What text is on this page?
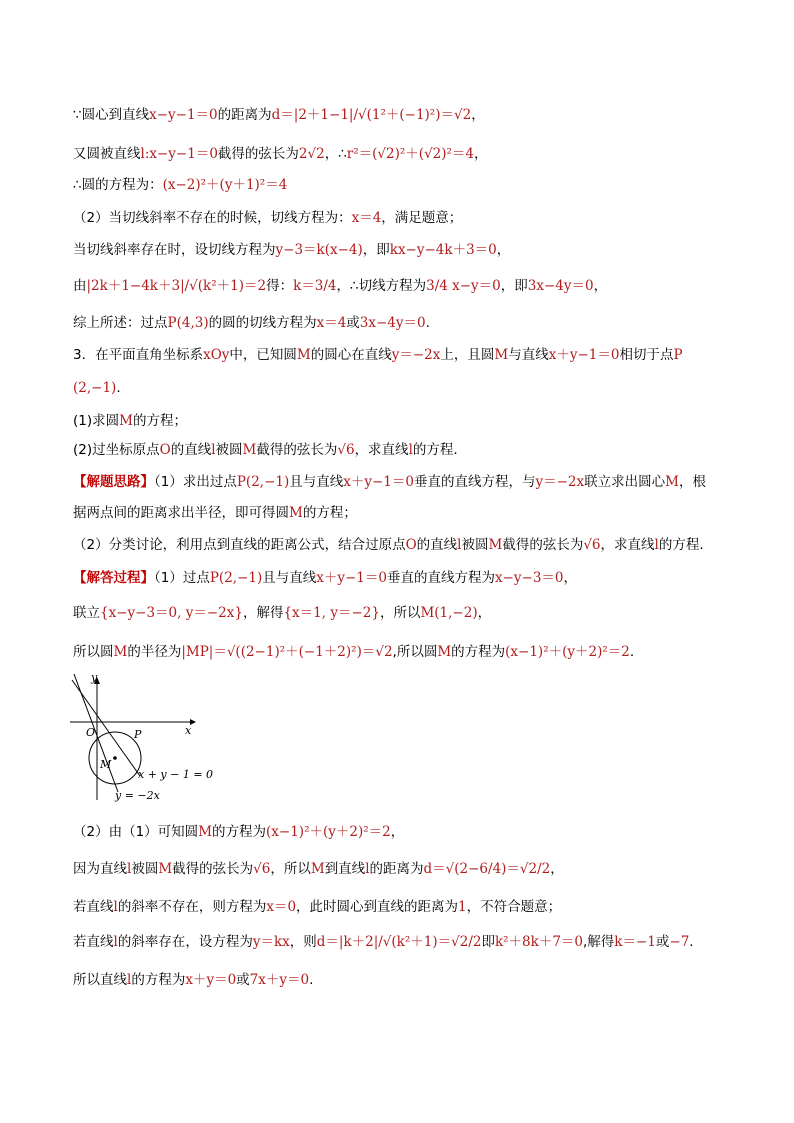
∵圆心到直线x−y−1＝0的距离为d＝|2＋1−1|/√(1²＋(−1)²)＝√2，
又圆被直线l:x−y−1＝0截得的弦长为2√2，∴r²＝(√2)²＋(√2)²＝4，
∴圆的方程为：(x−2)²＋(y＋1)²＝4
（2）当切线斜率不存在的时候，切线方程为：x＝4，满足题意；
当切线斜率存在时，设切线方程为y−3＝k(x−4)，即kx−y−4k＋3＝0，
由|2k＋1−4k＋3|/√(k²＋1)＝2得：k＝3/4，∴切线方程为3/4 x−y＝0，即3x−4y＝0，
综上所述：过点P(4,3)的圆的切线方程为x＝4或3x−4y＝0.
3．在平面直角坐标系xOy中，已知圆M的圆心在直线y＝−2x上，且圆M与直线x＋y−1＝0相切于点P
(2,−1).
(1)求圆M的方程；
(2)过坐标原点O的直线l被圆M截得的弦长为√6，求直线l的方程.
【解题思路】（1）求出过点P(2,−1)且与直线x＋y−1＝0垂直的直线方程，与y＝−2x联立求出圆心M，根
据两点间的距离求出半径，即可得圆M的方程；
（2）分类讨论，利用点到直线的距离公式，结合过原点O的直线l被圆M截得的弦长为√6，求直线l的方程.
【解答过程】（1）过点P(2,−1)且与直线x＋y−1＝0垂直的直线方程为x−y−3＝0，
联立{x−y−3＝0, y＝−2x}，解得{x＝1, y＝−2}，所以M(1,−2)，
所以圆M的半径为|MP|＝√((2−1)²＋(−1＋2)²)＝√2,所以圆M的方程为(x−1)²＋(y＋2)²＝2.
y
x
O	P
M
x + y − 1 = 0
y = −2x
（2）由（1）可知圆M的方程为(x−1)²＋(y＋2)²＝2，
因为直线l被圆M截得的弦长为√6，所以M到直线l的距离为d＝√(2−6/4)＝√2/2，
若直线l的斜率不存在，则方程为x＝0，此时圆心到直线的距离为1，不符合题意；
若直线l的斜率存在，设方程为y＝kx，则d＝|k＋2|/√(k²＋1)＝√2/2即k²＋8k＋7＝0,解得k＝−1或−7.
所以直线l的方程为x＋y＝0或7x＋y＝0.
